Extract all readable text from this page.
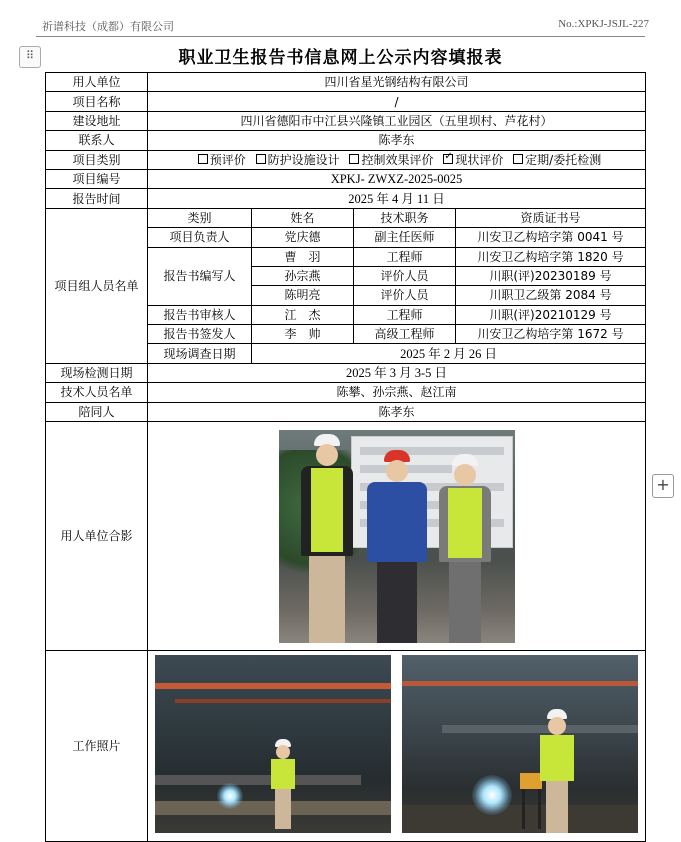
祈谱科技（成都）有限公司	No.:XPKJ-JSJL-227
⠿	职业卫生报告书信息网上公示内容填报表
用人单位	四川省星光钢结构有限公司			
项目名称	/			
建设地址	四川省德阳市中江县兴隆镇工业园区（五里坝村、芦花村）			
联系人	陈孝东			
项目类别	预评价 防护设施设计 控制效果评价 ✓ 现状评价 定期/委托检测
项目编号	XPKJ- ZWXZ-2025-0025			
报告时间	2025 年 4 月 11 日			
项目组人员名单	类别	姓名	技术职务	资质证书号
	项目负责人	党庆德	副主任医师	川安卫乙构培字第 0041 号
	报告书编写人	曹　羽	工程师	川安卫乙构培字第 1820 号
		孙宗燕	评价人员	川职(评)20230189 号
		陈明亮	评价人员	川职卫乙级第 2084 号
	报告书审核人	江　杰	工程师	川职(评)20210129 号
	报告书签发人	李　帅	高级工程师	川安卫乙构培字第 1672 号
	现场调查日期	2025 年 2 月 26 日		
现场检测日期	2025 年 3 月 3-5 日			
技术人员名单	陈攀、孙宗燕、赵江南			
陪同人	陈孝东			
用人单位合影				

工作照片				
+
